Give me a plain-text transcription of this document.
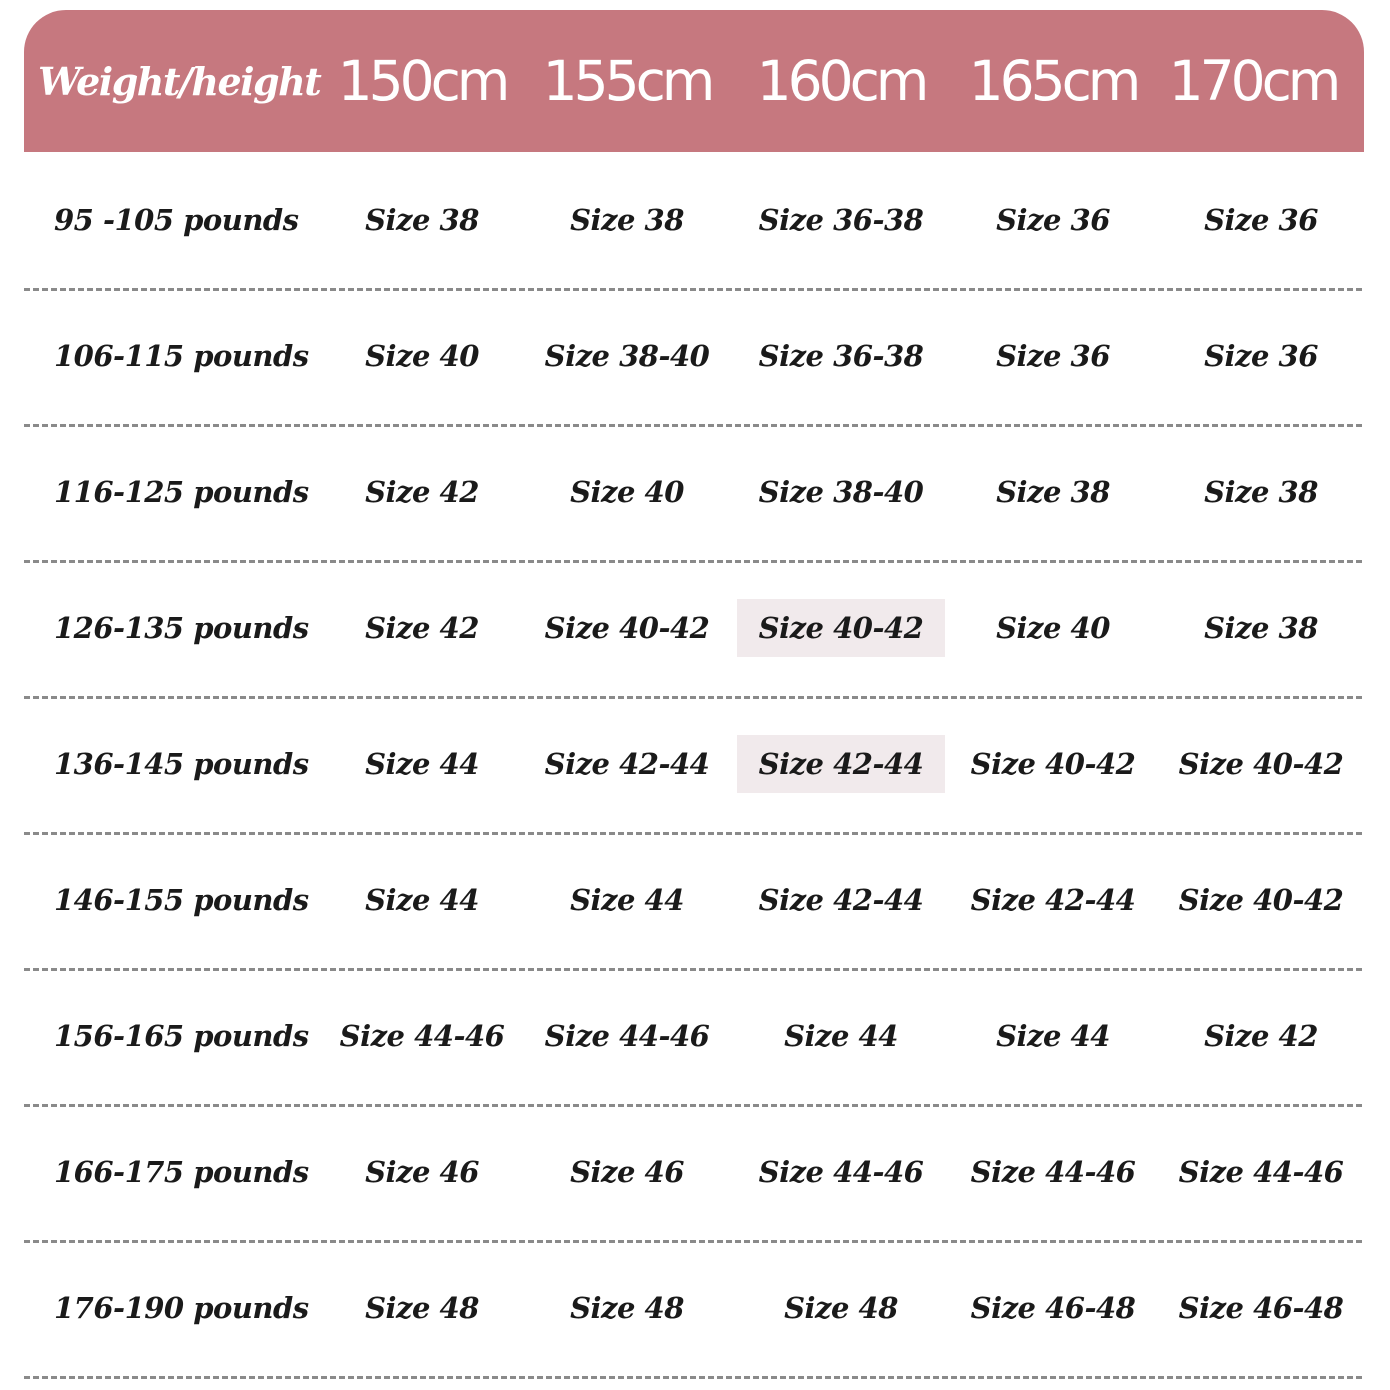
Weight/height 150cm 155cm 160cm 165cm 170cm
95 -105 pounds	Size 38	Size 38	Size 36-38	Size 36	Size 36
106-115 pounds	Size 40 Size 38-40 Size 36-38	Size 36	Size 36
116-125 pounds	Size 42	Size 40	Size 38-40	Size 38	Size 38
126-135 pounds	Size 42 Size 40-42	Size 40-42	Size 40	Size 38
136-145 pounds	Size 44 Size 42-44	Size 42-44	Size 40-42 Size 40-42
146-155 pounds	Size 44	Size 44	Size 42-44 Size 42-44 Size 40-42
156-165 pounds	Size 44-46 Size 44-46	Size 44	Size 44	Size 42
166-175 pounds	Size 46	Size 46	Size 44-46 Size 44-46 Size 44-46
176-190 pounds	Size 48	Size 48	Size 48	Size 46-48 Size 46-48
